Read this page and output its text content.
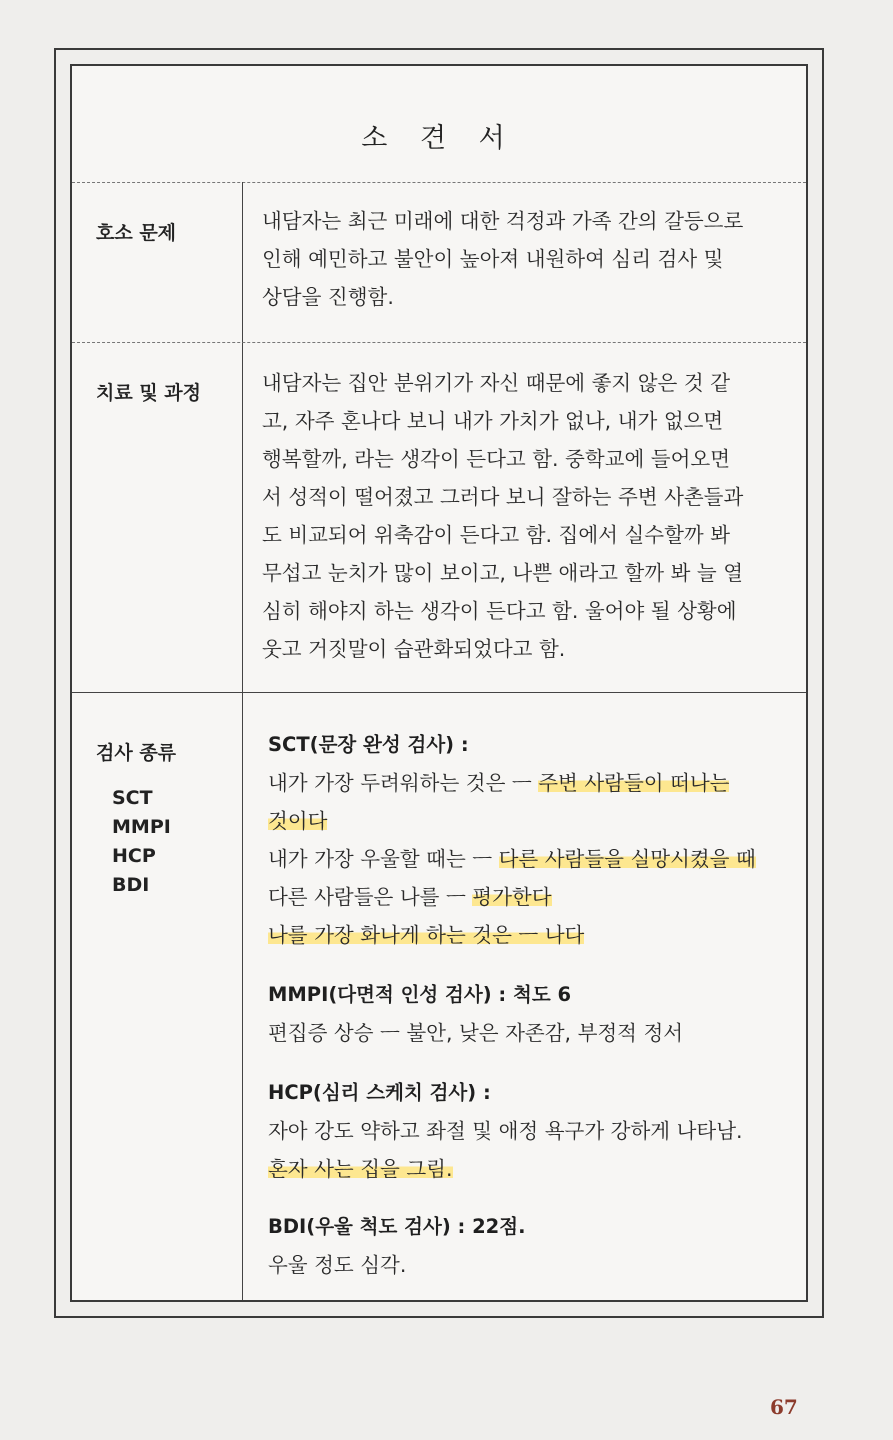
소 견 서
호소 문제	내담자는 최근 미래에 대한 걱정과 가족 간의 갈등으로
인해 예민하고 불안이 높아져 내원하여 심리 검사 및
상담을 진행함.
치료 및 과정	내담자는 집안 분위기가 자신 때문에 좋지 않은 것 같
고, 자주 혼나다 보니 내가 가치가 없나, 내가 없으면
행복할까, 라는 생각이 든다고 함. 중학교에 들어오면
서 성적이 떨어졌고 그러다 보니 잘하는 주변 사촌들과
도 비교되어 위축감이 든다고 함. 집에서 실수할까 봐
무섭고 눈치가 많이 보이고, 나쁜 애라고 할까 봐 늘 열
심히 해야지 하는 생각이 든다고 함. 울어야 될 상황에
웃고 거짓말이 습관화되었다고 함.
검사 종류
SCT
MMPI
HCP
BDI
SCT(문장 완성 검사) :
내가 가장 두려워하는 것은 ㅡ 주변 사람들이 떠나는
것이다
내가 가장 우울할 때는 ㅡ 다른 사람들을 실망시켰을 때
다른 사람들은 나를 ㅡ 평가한다
나를 가장 화나게 하는 것은 ㅡ 나다
MMPI(다면적 인성 검사) : 척도 6
편집증 상승 ㅡ 불안, 낮은 자존감, 부정적 정서
HCP(심리 스케치 검사) :
자아 강도 약하고 좌절 및 애정 욕구가 강하게 나타남.
혼자 사는 집을 그림.
BDI(우울 척도 검사) : 22점.
우울 정도 심각.
67
